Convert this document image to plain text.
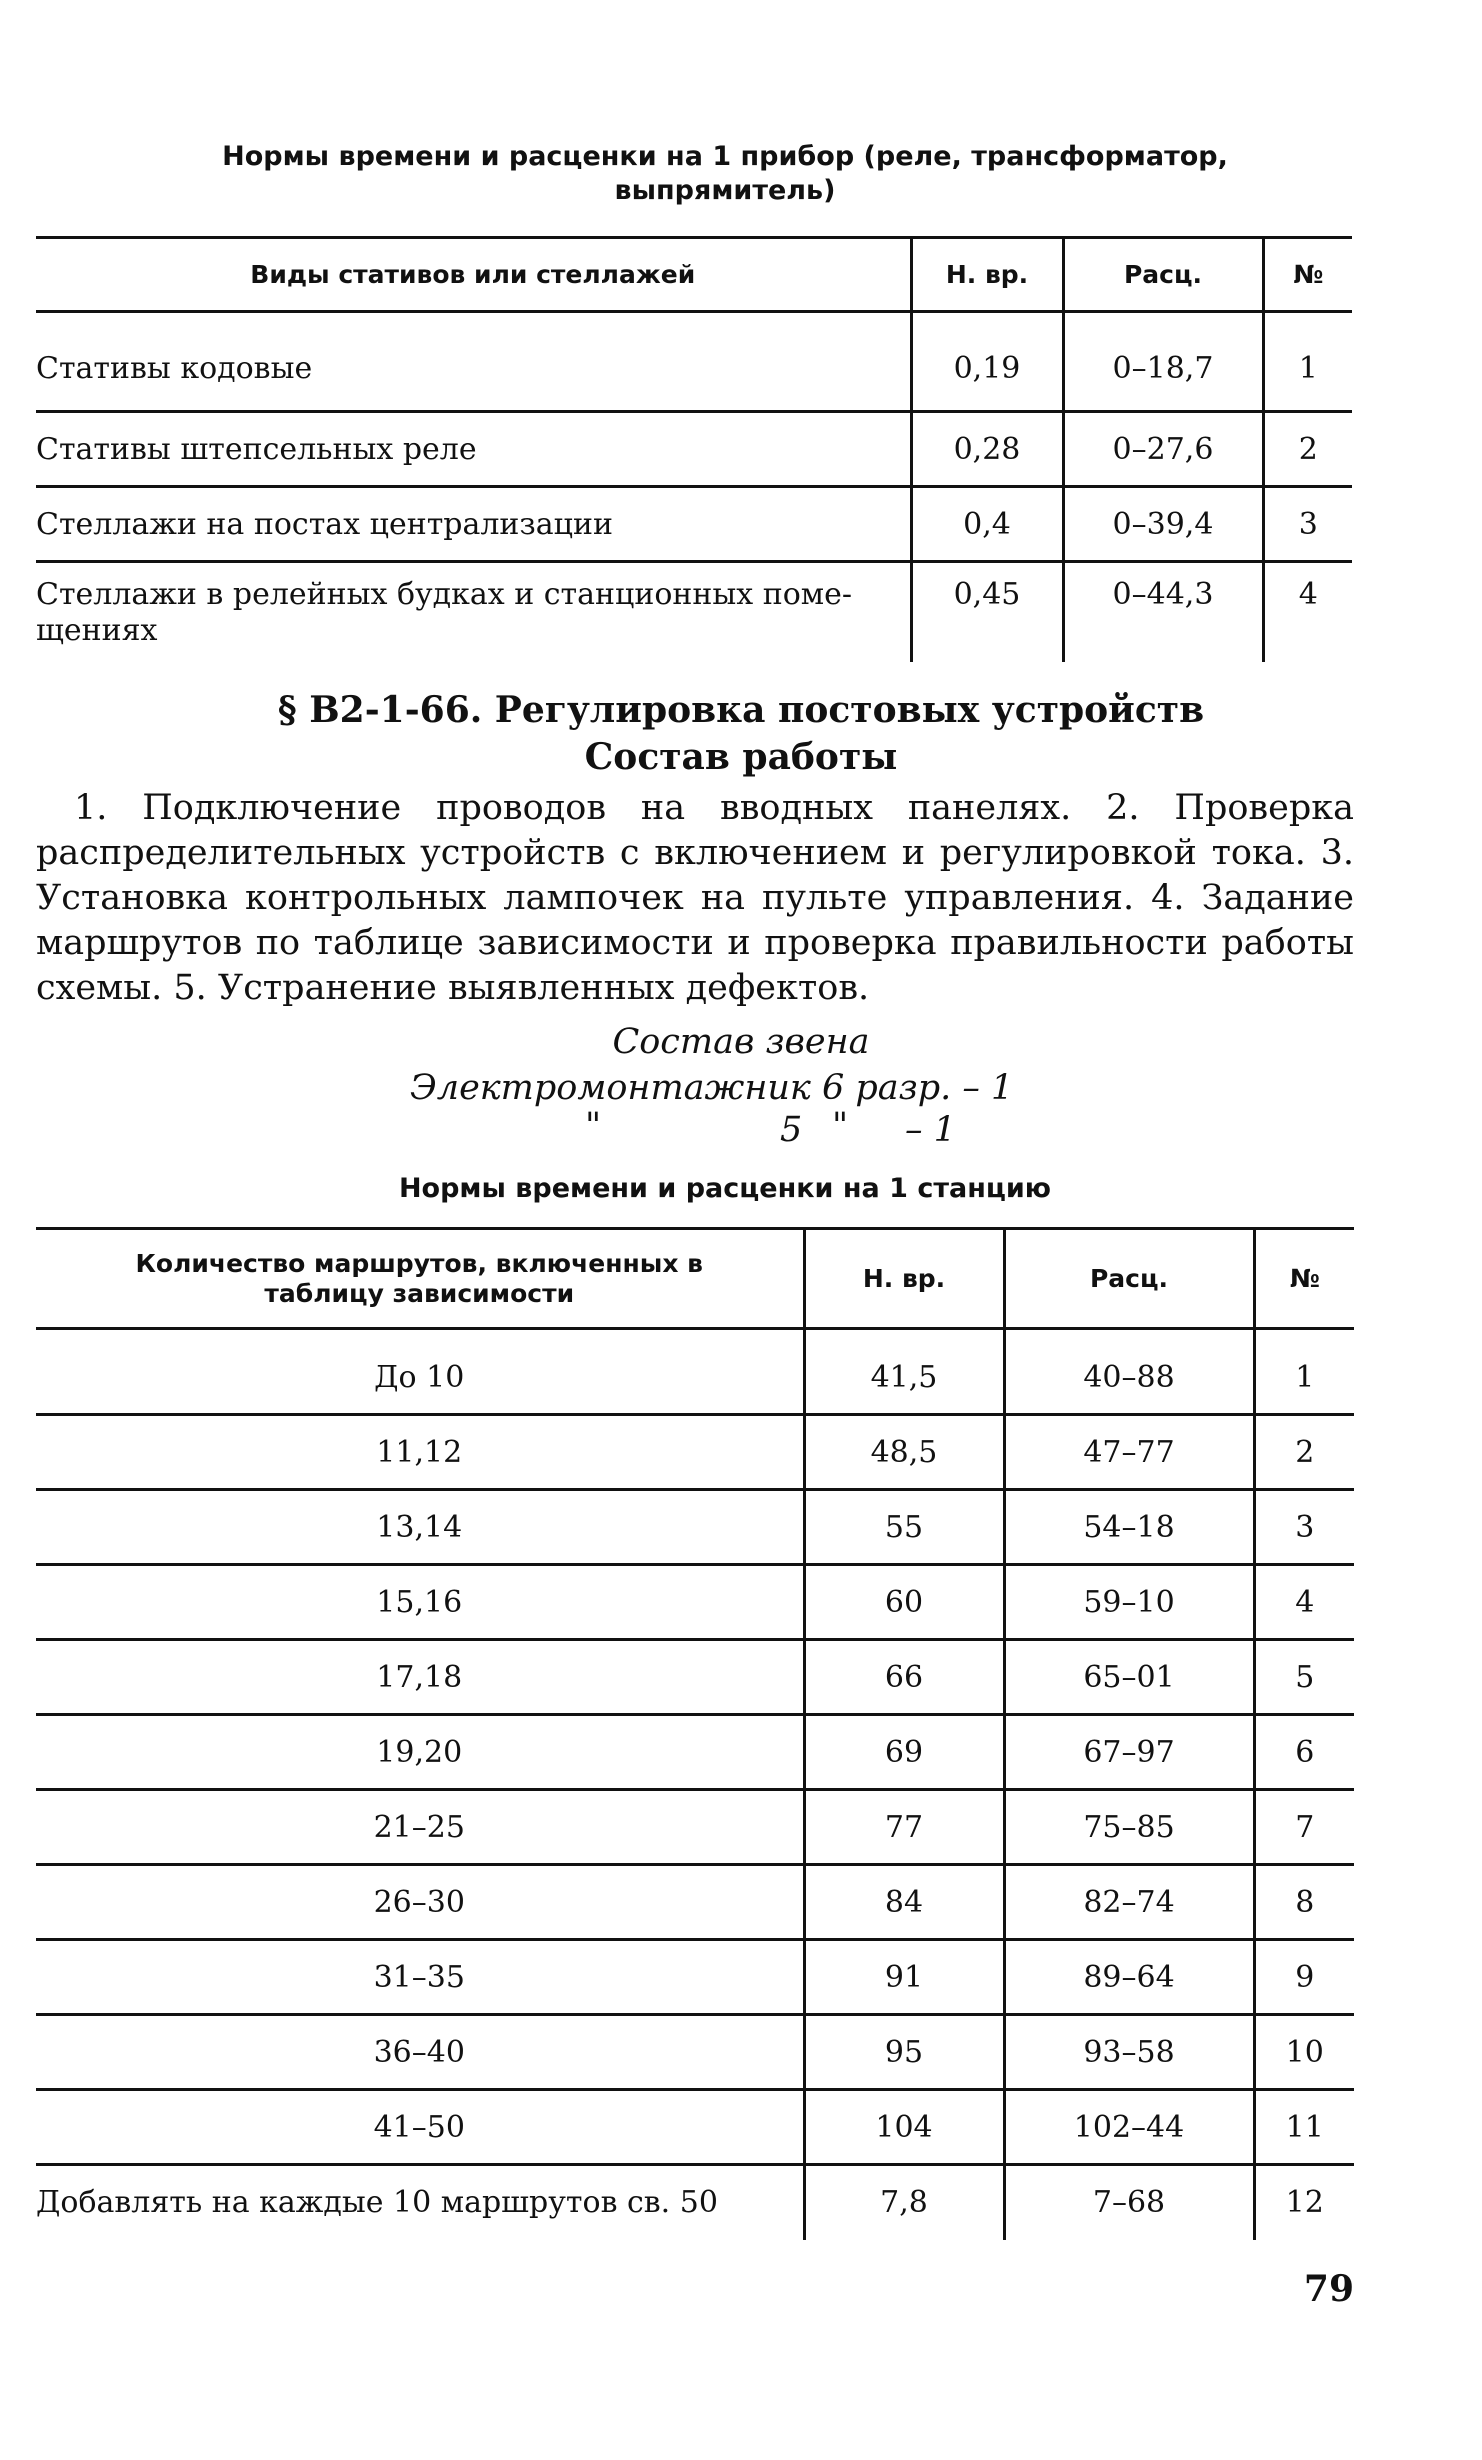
Нормы времени и расценки на 1 прибор (реле, трансформатор,
выпрямитель)
Виды стативов или стеллажей	Н. вр.	Расц.	№
Стативы кодовые	0,19	0–18,7	1
Стативы штепсельных реле	0,28	0–27,6	2
Стеллажи на постах централизации	0,4	0–39,4	3

Стеллажи в релейных будках и станционных поме-
щениях	0,45	0–44,3	4
§ В2-1-66. Регулировка постовых устройств
Состав работы
1. Подключение проводов на вводных панелях. 2. Проверка распределительных устройств с включением и регулировкой тока. 3. Установка контрольных лампочек на пульте управления. 4. Задание маршрутов по таблице зависимости и проверка правильности работы схемы. 5. Устранение выявленных дефектов.
Состав звена
Электромонтажник 6 разр. – 1
"	5 " – 1
Нормы времени и расценки на 1 станцию
Количество маршрутов, включенных в
таблицу зависимости	Н. вр.	Расц.	№
До 10	41,5	40–88	1
11,12	48,5	47–77	2
13,14	55	54–18	3
15,16	60	59–10	4
17,18	66	65–01	5
19,20	69	67–97	6
21–25	77	75–85	7
26–30	84	82–74	8
31–35	91	89–64	9
36–40	95	93–58	10
41–50	104	102–44	11
Добавлять на каждые 10 маршрутов св. 50	7,8	7–68	12
79
